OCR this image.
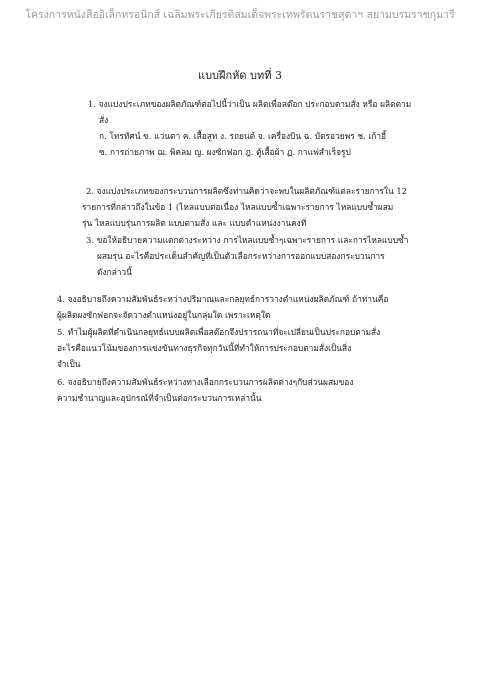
โครงการหนังสืออิเล็กทรอนิกส์ เฉลิมพระเกียรติสมเด็จพระเทพรัตนราชสุดาฯ สยามบรมราชกุมารี
แบบฝึกหัด บทที่ 3
1. จงแบ่งประเภทของผลิตภัณฑ์ต่อไปนี้ว่าเป็น ผลิตเพื่อสต๊อก ประกอบตามสั่ง หรือ ผลิตตาม
สั่ง
ก. โทรทัศน์ ข. แว่นตา ค. เสื้อสูท ง. รถยนต์ จ. เครื่องบิน ฉ. บัตรอวยพร ช. เก้าอี้
ซ. การถ่ายภาพ ฌ. พิคลม ญ. ผงซักฟอก ฎ. ตู้เสื้อผ้า ฏ. กาแฟสำเร็จรูป
2. จงแบ่งประเภทของกระบวนการผลิตซึ่งท่านคิดว่าจะพบในผลิตภัณฑ์แต่ละรายการใน 12
รายการที่กล่าวถึงในข้อ 1 (ไหลแบบต่อเนื่อง ไหลแบบซ้ำเฉพาะรายการ ไหลแบบซ้ำผสม
รุ่น ไหลแบบรุ่นการผลิต แบบตามสั่ง และ แบบตำแหน่งงานคงที่
3. ขอให้อธิบายความแตกต่างระหว่าง การไหลแบบซ้ำๆเฉพาะรายการ และการไหลแบบซ้ำ
ผสมรุ่น อะไรคือประเด็นสำคัญที่เป็นตัวเลือกระหว่างการออกแบบสองกระบวนการ
ดังกล่าวนี้
4. จงอธิบายถึงความสัมพันธ์ระหว่างปริมาณและกลยุทธ์การวางตำแหน่งผลิตภัณฑ์ ถ้าท่านคือ
ผู้ผลิตผงซักฟอกจะจัดวางตำแหน่งอยู่ในกลุ่มใด เพราะเหตุใด
5. ทำไมผู้ผลิตที่ดำเนินกลยุทธ์แบบผลิตเพื่อสต๊อกจึงปรารถนาที่จะเปลี่ยนเป็นประกอบตามสั่ง
อะไรคือแนวโน้มของการแข่งขันทางธุรกิจทุกวันนี้ที่ทำให้การประกอบตามสั่งเป็นสิ่ง
จำเป็น
6. จงอธิบายถึงความสัมพันธ์ระหว่างทางเลือกกระบวนการผลิตต่างๆกับส่วนผสมของ
ความชำนาญและอุปกรณ์ที่จำเป็นต่อกระบวนการเหล่านั้น
